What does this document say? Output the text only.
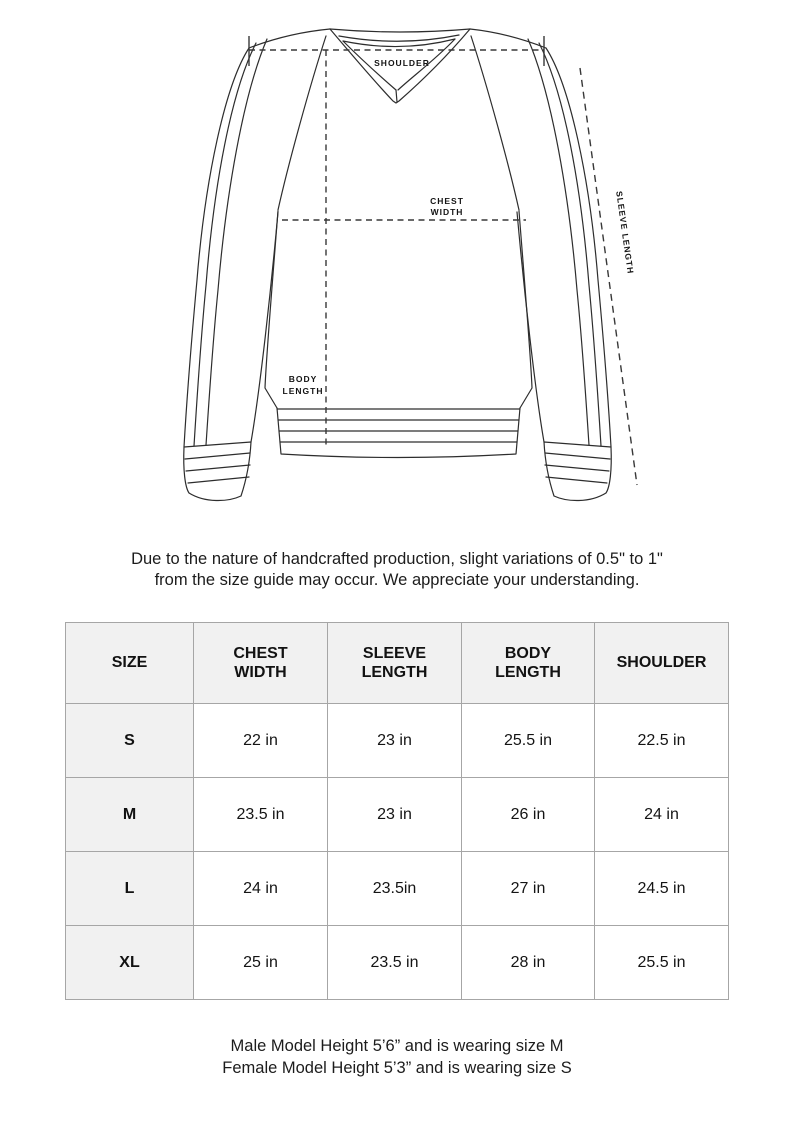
SHOULDER
CHEST
WIDTH
BODY
LENGTH
SLEEVE LENGTH

Due to the nature of handcrafted production, slight variations of 0.5" to 1"
from the size guide may occur. We appreciate your understanding.

SIZE	CHEST WIDTH	SLEEVE LENGTH	BODY LENGTH	SHOULDER
S	22 in	23 in	25.5 in	22.5 in
M	23.5 in	23 in	26 in	24 in
L	24 in	23.5in	27 in	24.5 in
XL	25 in	23.5 in	28 in	25.5 in

Male Model Height 5’6” and is wearing size M
Female Model Height 5’3” and is wearing size S
